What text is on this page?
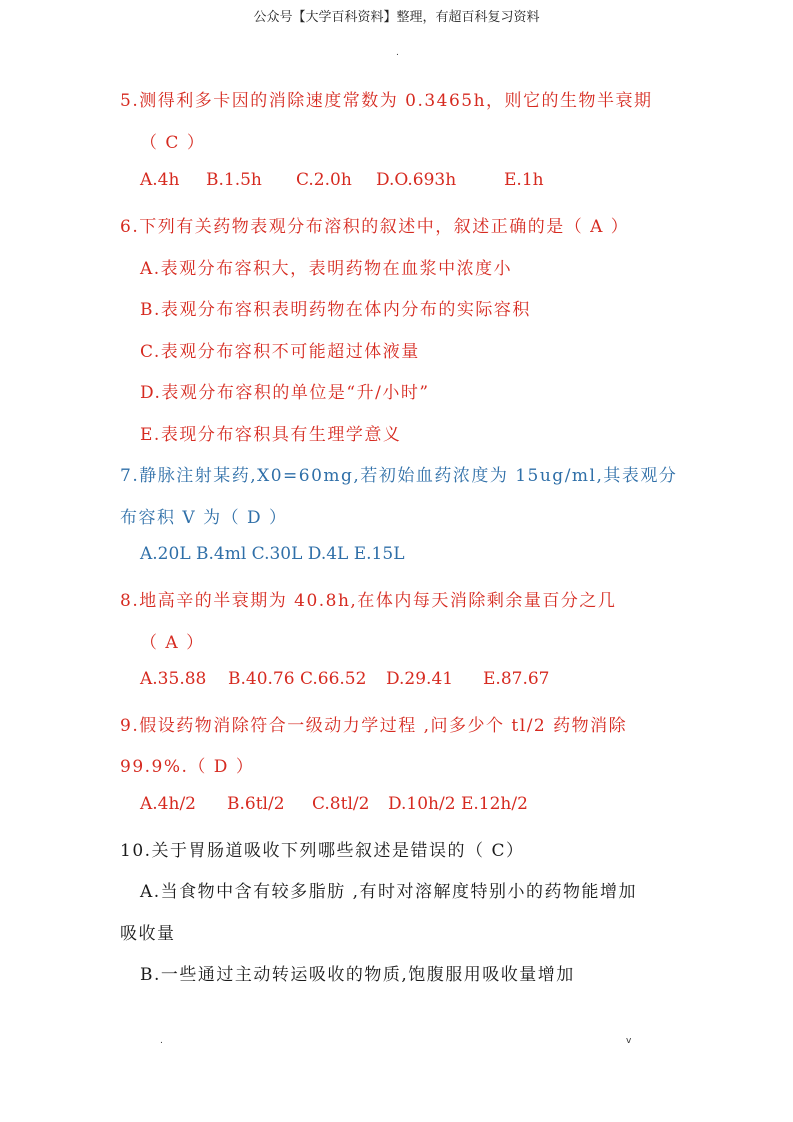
公众号【大学百科资料】整理，有超百科复习资料
.
5.测得利多卡因的消除速度常数为 0.3465h，则它的生物半衰期
（ C ）
A.4h B.1.5h C.2.0h D.O.693h	E.1h
6.下列有关药物表观分布溶积的叙述中，叙述正确的是（ A ）
A.表观分布容积大，表明药物在血浆中浓度小
B.表观分布容积表明药物在体内分布的实际容积
C.表观分布容积不可能超过体液量
D.表观分布容积的单位是“升/小时”
E.表现分布容积具有生理学意义
7.静脉注射某药,X0=60mg,若初始血药浓度为 15ug/ml,其表观分
布容积 V 为（ D ）
A.20L B.4ml C.30L D.4L E.15L
8.地高辛的半衰期为 40.8h,在体内每天消除剩余量百分之几
（ A ）
A.35.88 B.40.76 C.66.52 D.29.41 E.87.67
9.假设药物消除符合一级动力学过程 ,问多少个 tl/2 药物消除
99.9%.（ D ）
A.4h/2 B.6tl/2 C.8tl/2 D.10h/2 E.12h/2
10.关于胃肠道吸收下列哪些叙述是错误的（ C）
A.当食物中含有较多脂肪 ,有时对溶解度特别小的药物能增加
吸收量
B.一些通过主动转运吸收的物质,饱腹服用吸收量增加
.	v
